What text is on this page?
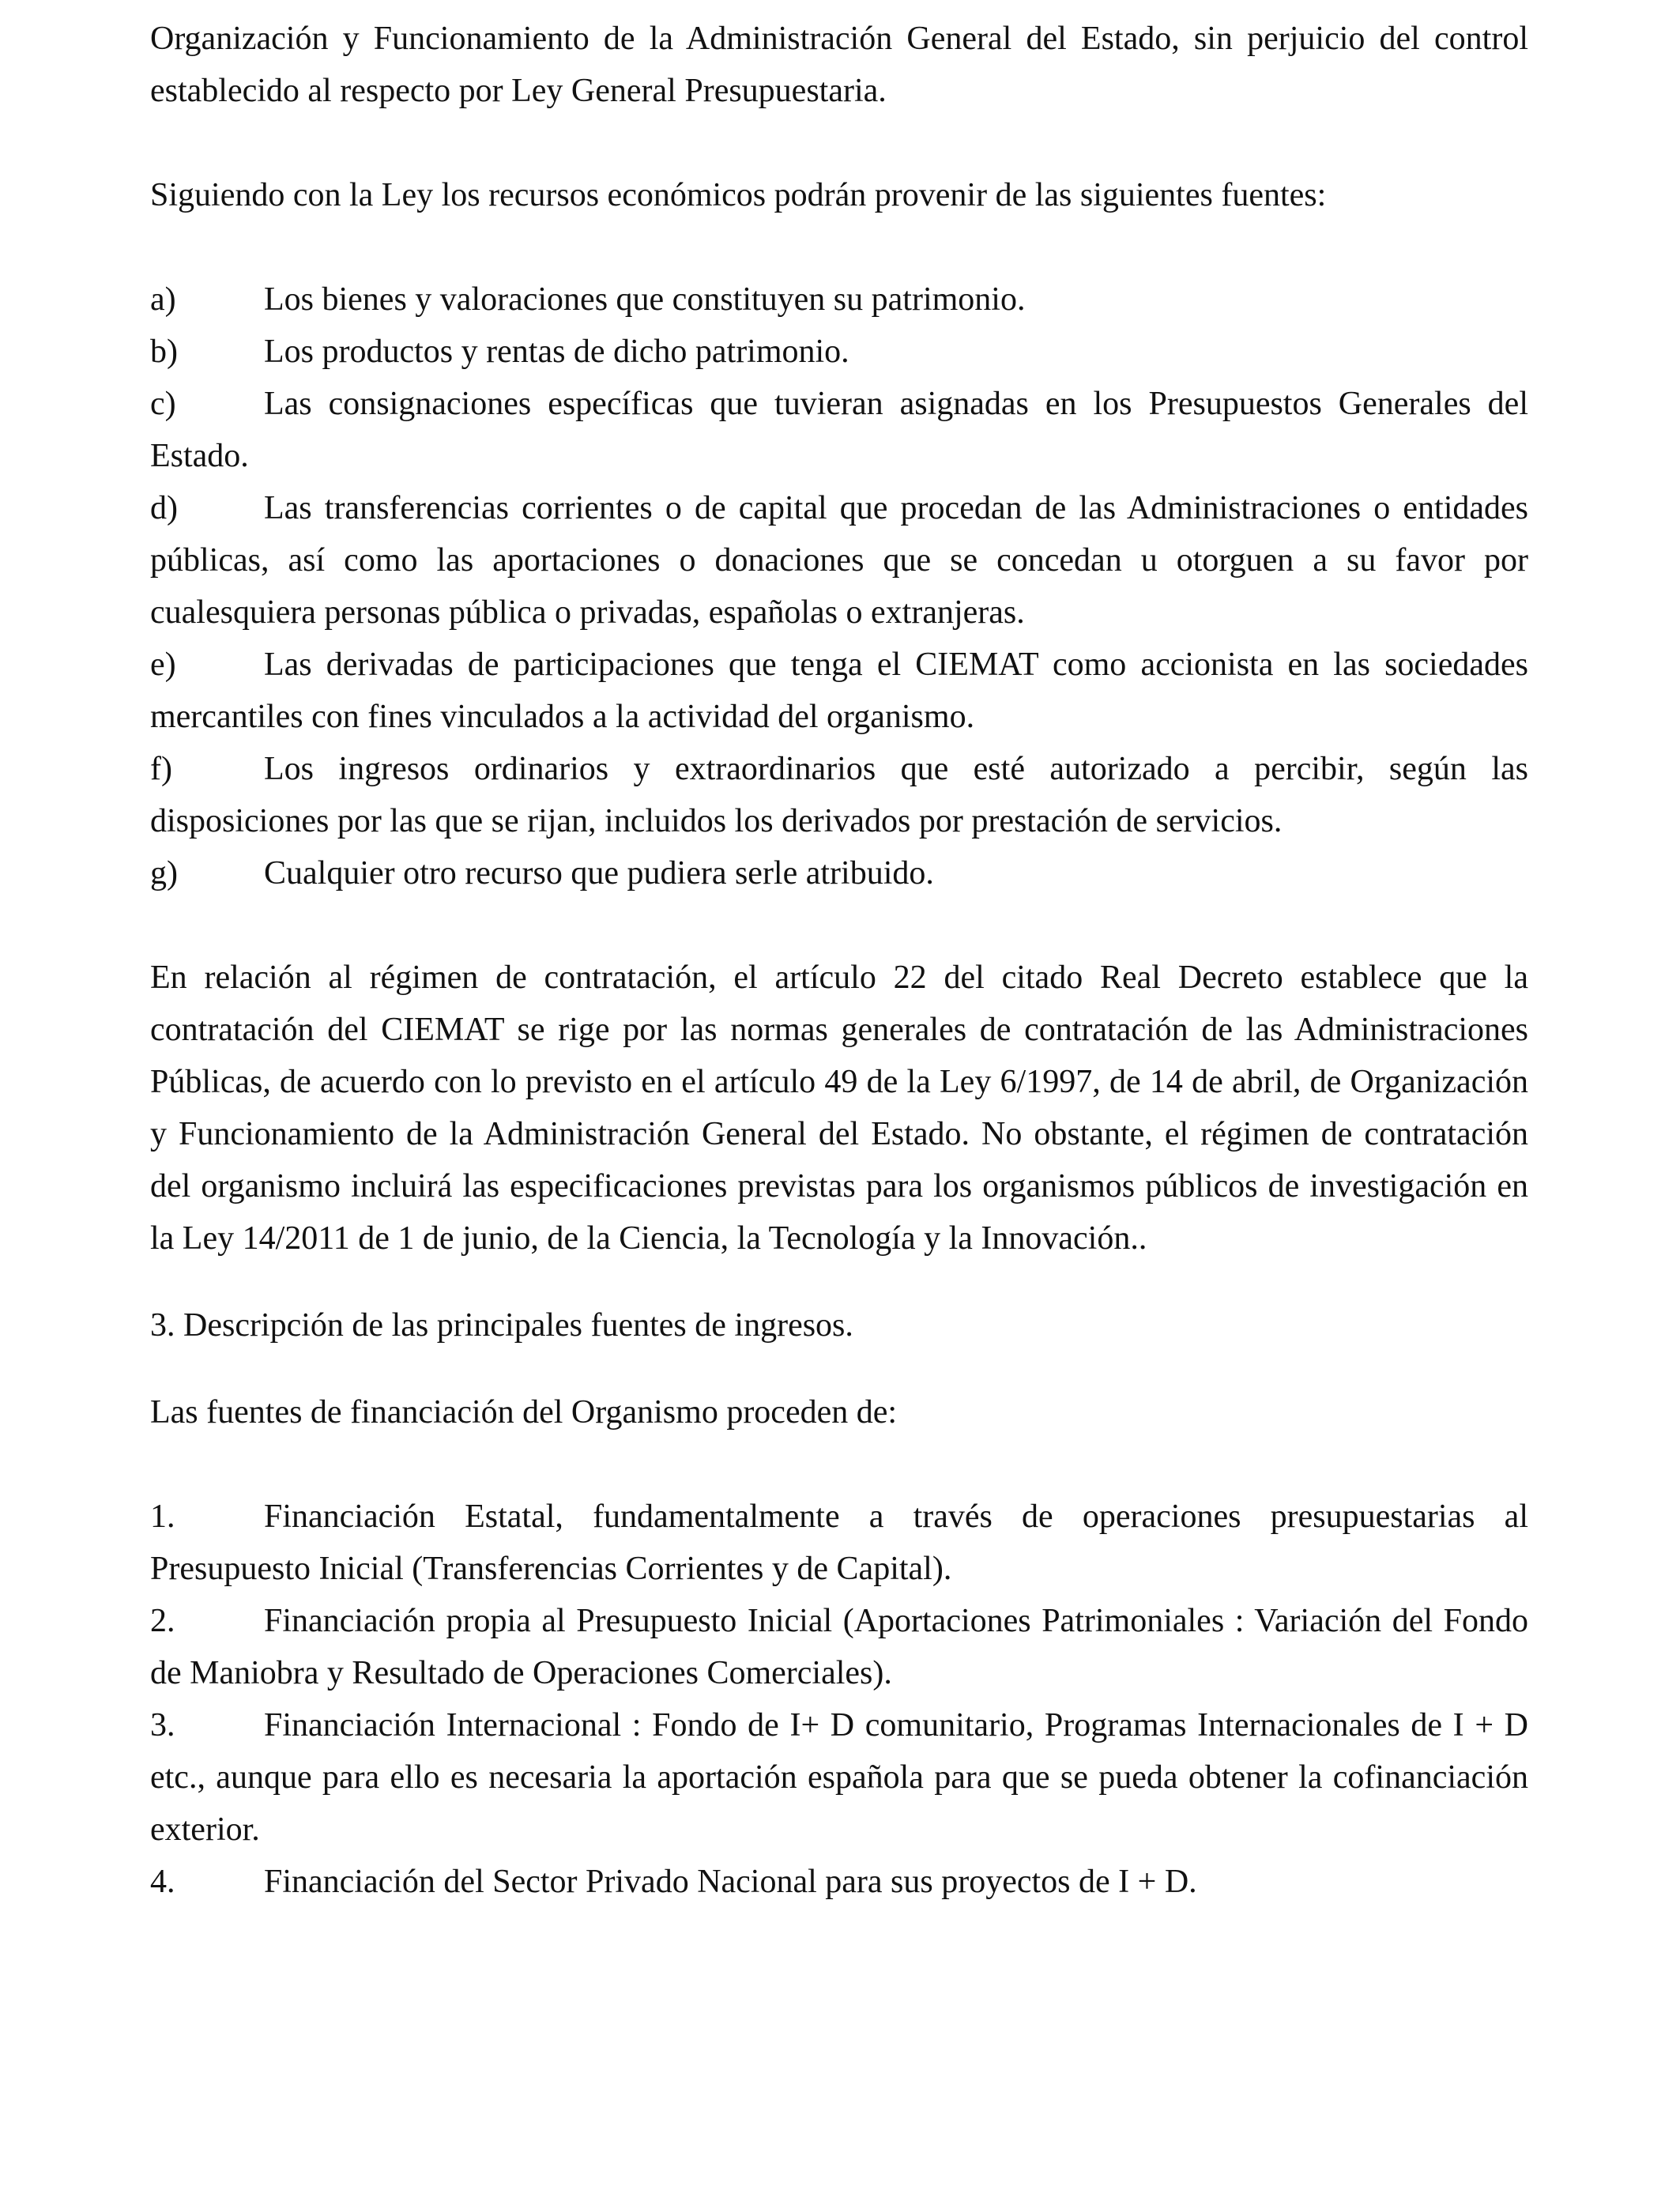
Organización y Funcionamiento de la Administración General del Estado, sin perjuicio del control establecido al respecto por Ley General Presupuestaria.

Siguiendo con la Ley los recursos económicos podrán provenir de las siguientes fuentes:

a)	Los bienes y valoraciones que constituyen su patrimonio.
b)	Los productos y rentas de dicho patrimonio.
c)	Las consignaciones específicas que tuvieran asignadas en los Presupuestos Generales del Estado.
d)	Las transferencias corrientes o de capital que procedan de las Administraciones o entidades públicas, así como las aportaciones o donaciones que se concedan u otorguen a su favor por cualesquiera personas pública o privadas, españolas o extranjeras.
e)	Las derivadas de participaciones que tenga el CIEMAT como accionista en las sociedades mercantiles con fines vinculados a la actividad del organismo.
f)	Los ingresos ordinarios y extraordinarios que esté autorizado a percibir, según las disposiciones por las que se rijan, incluidos los derivados por prestación de servicios.
g)	Cualquier otro recurso que pudiera serle atribuido.

En relación al régimen de contratación, el artículo 22 del citado Real Decreto establece que la contratación del CIEMAT se rige por las normas generales de contratación de las Administraciones Públicas, de acuerdo con lo previsto en el artículo 49 de la Ley 6/1997, de 14 de abril, de Organización y Funcionamiento de la Administración General del Estado. No obstante, el régimen de contratación del organismo incluirá las especificaciones previstas para los organismos públicos de investigación en la Ley 14/2011 de 1 de junio, de la Ciencia, la Tecnología y la Innovación..

3. Descripción de las principales fuentes de ingresos.

Las fuentes de financiación del Organismo proceden de:

1.	Financiación Estatal, fundamentalmente a través de operaciones presupuestarias al Presupuesto Inicial (Transferencias Corrientes y de Capital).
2.	Financiación propia al Presupuesto Inicial (Aportaciones Patrimoniales : Variación del Fondo de Maniobra y Resultado de Operaciones Comerciales).
3.	Financiación Internacional : Fondo de I+ D comunitario, Programas Internacionales de I + D etc., aunque para ello es necesaria la aportación española para que se pueda obtener la cofinanciación exterior.
4.	Financiación del Sector Privado Nacional para sus proyectos de I + D.
